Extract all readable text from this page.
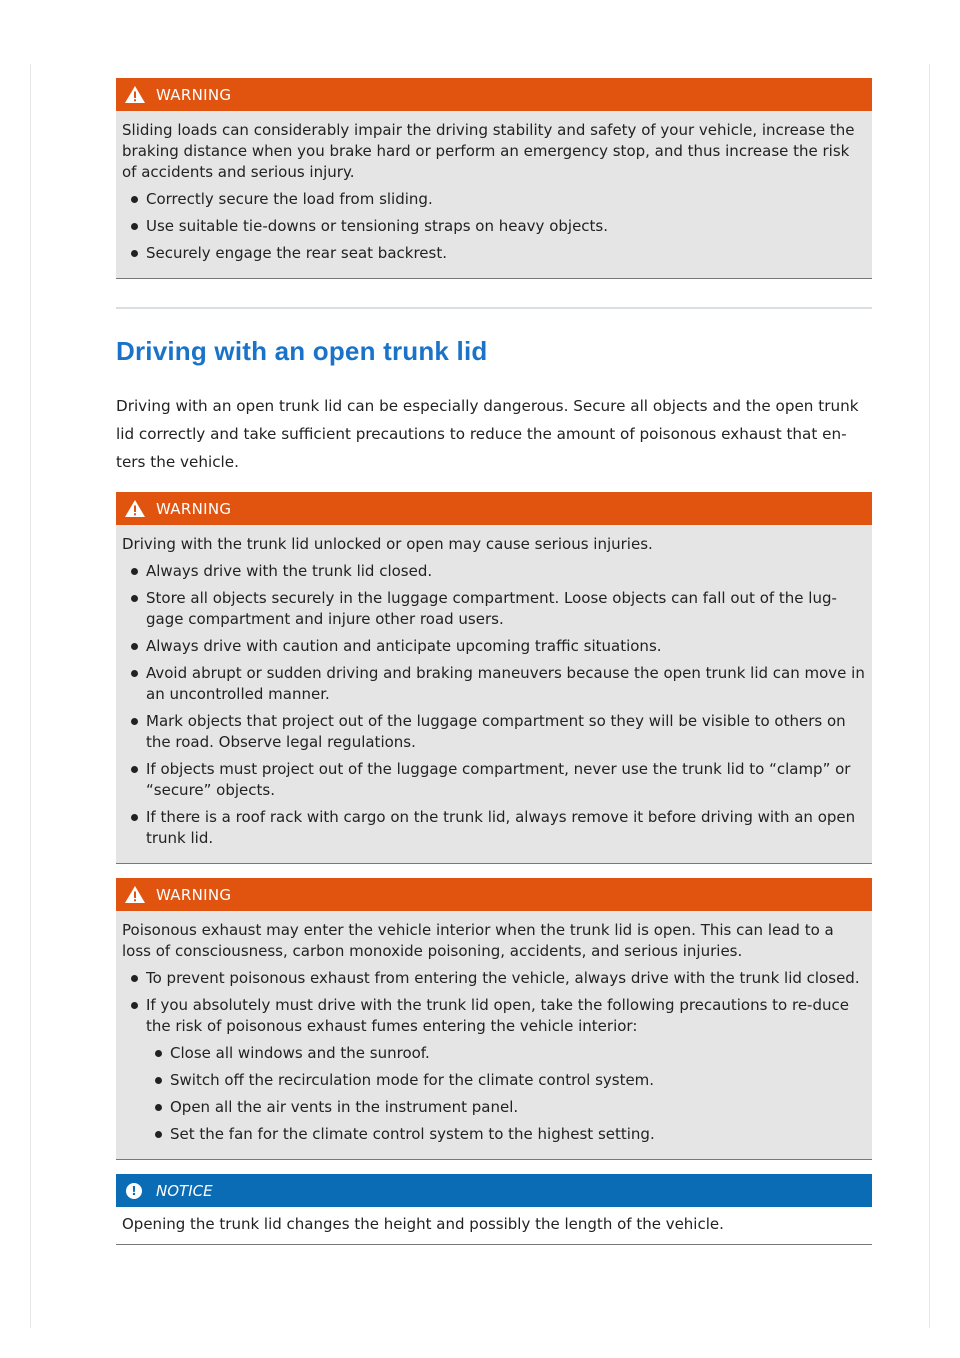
WARNING

Sliding loads can considerably impair the driving stability and safety of your vehicle, increase the braking distance when you brake hard or perform an emergency stop, and thus increase the risk of accidents and serious injury.

Correctly secure the load from sliding.
Use suitable tie-downs or tensioning straps on heavy objects.
Securely engage the rear seat backrest.
Driving with an open trunk lid

Driving with an open trunk lid can be especially dangerous. Secure all objects and the open trunk lid correctly and take sufficient precautions to reduce the amount of poisonous exhaust that en-ters the vehicle.

WARNING

Driving with the trunk lid unlocked or open may cause serious injuries.

Always drive with the trunk lid closed.
Store all objects securely in the luggage compartment. Loose objects can fall out of the lug-gage compartment and injure other road users.
Always drive with caution and anticipate upcoming traffic situations.
Avoid abrupt or sudden driving and braking maneuvers because the open trunk lid can move in an uncontrolled manner.
Mark objects that project out of the luggage compartment so they will be visible to others on the road. Observe legal regulations.
If objects must project out of the luggage compartment, never use the trunk lid to “clamp” or “secure” objects.
If there is a roof rack with cargo on the trunk lid, always remove it before driving with an open trunk lid.
WARNING

Poisonous exhaust may enter the vehicle interior when the trunk lid is open. This can lead to a loss of consciousness, carbon monoxide poisoning, accidents, and serious injuries.

To prevent poisonous exhaust from entering the vehicle, always drive with the trunk lid closed.
If you absolutely must drive with the trunk lid open, take the following precautions to re-duce the risk of poisonous exhaust fumes entering the vehicle interior:
Close all windows and the sunroof.
Switch off the recirculation mode for the climate control system.
Open all the air vents in the instrument panel.
Set the fan for the climate control system to the highest setting.
!	NOTICE
Opening the trunk lid changes the height and possibly the length of the vehicle.
